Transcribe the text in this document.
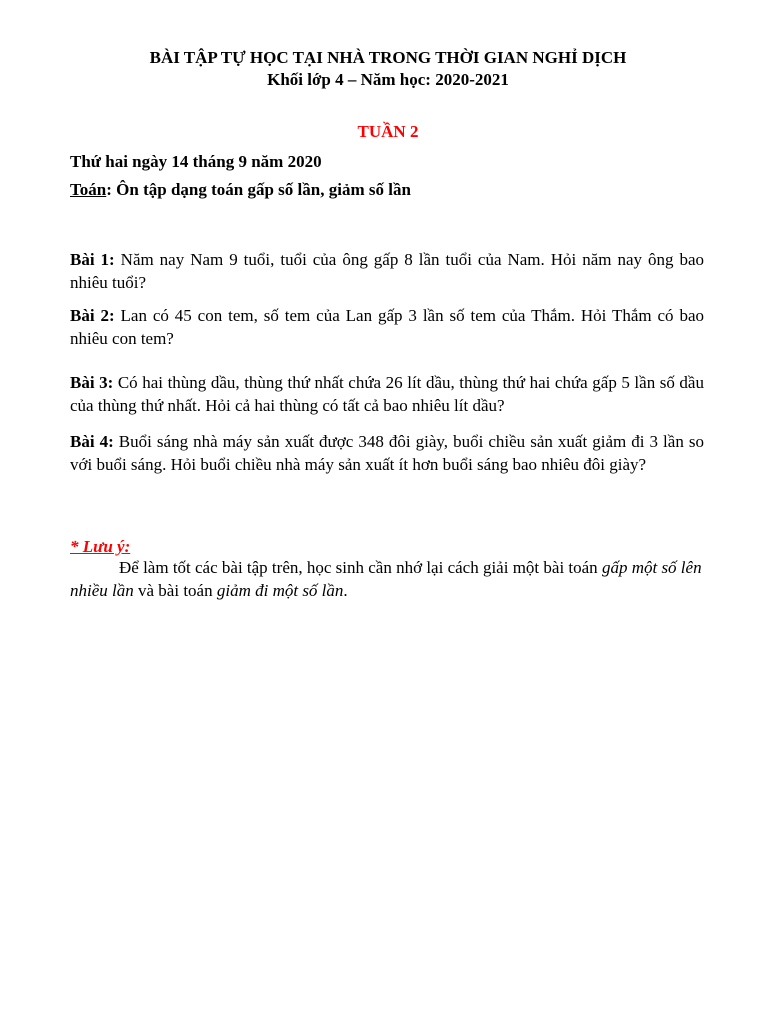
BÀI TẬP TỰ HỌC TẠI NHÀ TRONG THỜI GIAN NGHỈ DỊCH
Khối lớp 4 – Năm học: 2020-2021
TUẦN 2
Thứ hai ngày 14 tháng 9 năm 2020
Toán: Ôn tập dạng toán gấp số lần, giảm số lần
Bài 1: Năm nay Nam 9 tuổi, tuổi của ông gấp 8 lần tuổi của Nam. Hỏi năm nay ông bao nhiêu tuổi?
Bài 2: Lan có 45 con tem, số tem của Lan gấp 3 lần số tem của Thắm. Hỏi Thắm có bao nhiêu con tem?
Bài 3: Có hai thùng dầu, thùng thứ nhất chứa 26 lít dầu, thùng thứ hai chứa gấp 5 lần số dầu của thùng thứ nhất. Hỏi cả hai thùng có tất cả bao nhiêu lít dầu?
Bài 4: Buổi sáng nhà máy sản xuất được 348 đôi giày, buổi chiều sản xuất giảm đi 3 lần so với buổi sáng. Hỏi buổi chiều nhà máy sản xuất ít hơn buổi sáng bao nhiêu đôi giày?
* Lưu ý:
Để làm tốt các bài tập trên, học sinh cần nhớ lại cách giải một bài toán gấp một số lên nhiều lần và bài toán giảm đi một số lần.
